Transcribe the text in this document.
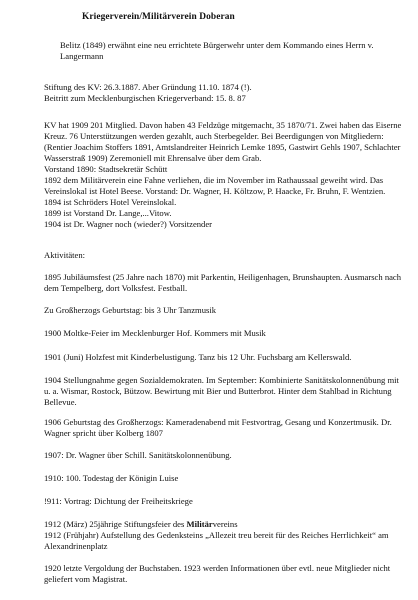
Kriegerverein/Militärverein Doberan

Belitz (1849) erwähnt eine neu errichtete Bürgerwehr unter dem Kommando eines Herrn v. Langermann

Stiftung des KV: 26.3.1887. Aber Gründung 11.10. 1874 (!).

Beitritt zum Mecklenburgischen Kriegerverband: 15. 8. 87

KV hat 1909 201 Mitglied. Davon haben 43 Feldzüge mitgemacht, 35 1870/71. Zwei haben das Eiserne Kreuz. 76 Unterstützungen werden gezahlt, auch Sterbegelder. Bei Beerdigungen von Mitgliedern: (Rentier Joachim Stoffers 1891, Amtslandreiter Heinrich Lemke 1895, Gastwirt Gehls 1907, Schlachter Wasserstraß 1909) Zeremoniell mit Ehrensalve über dem Grab.

Vorstand 1890: Stadtsekretär Schütt

1892 dem Militärverein eine Fahne verliehen, die im November im Rathaussaal geweiht wird. Das Vereinslokal ist Hotel Beese. Vorstand: Dr. Wagner, H. Költzow, P. Haacke, Fr. Bruhn, F. Wentzien.

1894 ist Schröders Hotel Vereinslokal.

1899 ist Vorstand Dr. Lange,...Vitow.

1904 ist Dr. Wagner noch (wieder?) Vorsitzender

Aktivitäten:

1895 Jubiläumsfest (25 Jahre nach 1870) mit Parkentin, Heiligenhagen, Brunshaupten. Ausmarsch nach dem Tempelberg, dort Volksfest. Festball.

Zu Großherzogs Geburtstag: bis 3 Uhr Tanzmusik

1900 Moltke-Feier im Mecklenburger Hof. Kommers mit Musik

1901 (Juni) Holzfest mit Kinderbelustigung. Tanz bis 12 Uhr. Fuchsbarg am Kellerswald.

1904 Stellungnahme gegen Sozialdemokraten. Im September: Kombinierte Sanitätskolonnenübung mit u. a. Wismar, Rostock, Bützow. Bewirtung mit Bier und Butterbrot. Hinter dem Stahlbad in Richtung Bellevue.

1906 Geburtstag des Großherzogs: Kameradenabend mit Festvortrag, Gesang und Konzertmusik. Dr. Wagner spricht über Kolberg 1807

1907: Dr. Wagner über Schill. Sanitätskolonnenübung.

1910: 100. Todestag der Königin Luise

!911: Vortrag: Dichtung der Freiheitskriege

1912 (März) 25jährige Stiftungsfeier des Militärvereins

1912 (Frühjahr) Aufstellung des Gedenksteins „Allezeit treu bereit für des Reiches Herrlichkeit“ am Alexandrinenplatz

1920 letzte Vergoldung der Buchstaben. 1923 werden Informationen über evtl. neue Mitglieder nicht geliefert vom Magistrat.
